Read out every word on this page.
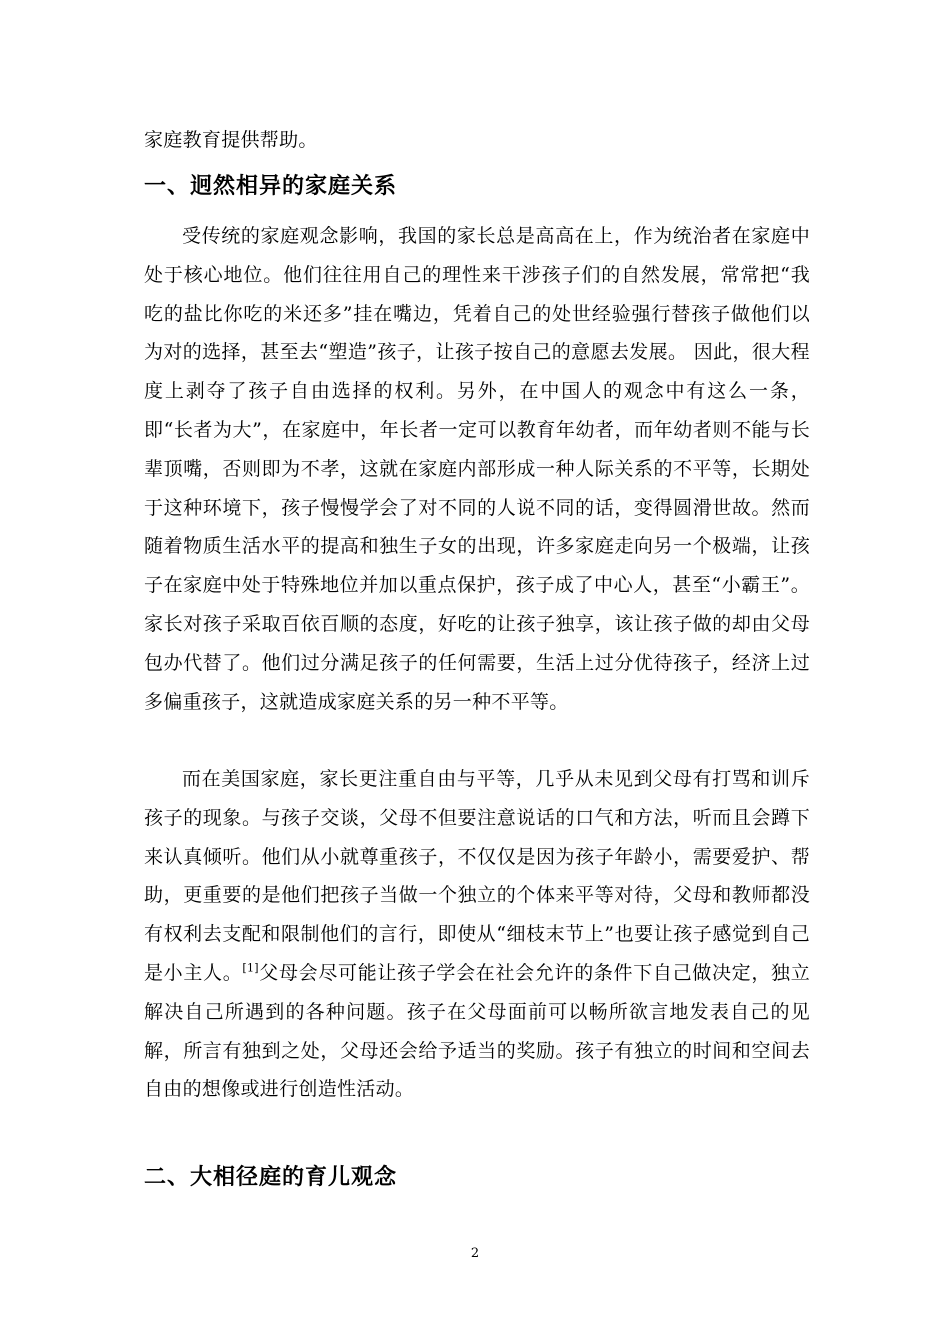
家庭教育提供帮助。
一、迥然相异的家庭关系
受传统的家庭观念影响，我国的家长总是高高在上，作为统治者在家庭中处于核心地位。他们往往用自己的理性来干涉孩子们的自然发展，常常把“我吃的盐比你吃的米还多”挂在嘴边，凭着自己的处世经验强行替孩子做他们以为对的选择，甚至去“塑造”孩子，让孩子按自己的意愿去发展。 因此，很大程度上剥夺了孩子自由选择的权利。另外，在中国人的观念中有这么一条，即“长者为大”，在家庭中，年长者一定可以教育年幼者，而年幼者则不能与长辈顶嘴，否则即为不孝，这就在家庭内部形成一种人际关系的不平等，长期处于这种环境下，孩子慢慢学会了对不同的人说不同的话，变得圆滑世故。然而随着物质生活水平的提高和独生子女的出现，许多家庭走向另一个极端，让孩子在家庭中处于特殊地位并加以重点保护，孩子成了中心人，甚至“小霸王”。家长对孩子采取百依百顺的态度，好吃的让孩子独享，该让孩子做的却由父母包办代替了。他们过分满足孩子的任何需要，生活上过分优待孩子，经济上过多偏重孩子，这就造成家庭关系的另一种不平等。
而在美国家庭，家长更注重自由与平等，几乎从未见到父母有打骂和训斥孩子的现象。与孩子交谈，父母不但要注意说话的口气和方法，听而且会蹲下来认真倾听。他们从小就尊重孩子，不仅仅是因为孩子年龄小，需要爱护、帮助，更重要的是他们把孩子当做一个独立的个体来平等对待，父母和教师都没有权利去支配和限制他们的言行，即使从“细枝末节上”也要让孩子感觉到自己是小主人。[1]父母会尽可能让孩子学会在社会允许的条件下自己做决定，独立解决自己所遇到的各种问题。孩子在父母面前可以畅所欲言地发表自己的见解，所言有独到之处，父母还会给予适当的奖励。孩子有独立的时间和空间去自由的想像或进行创造性活动。
二、大相径庭的育儿观念
2
